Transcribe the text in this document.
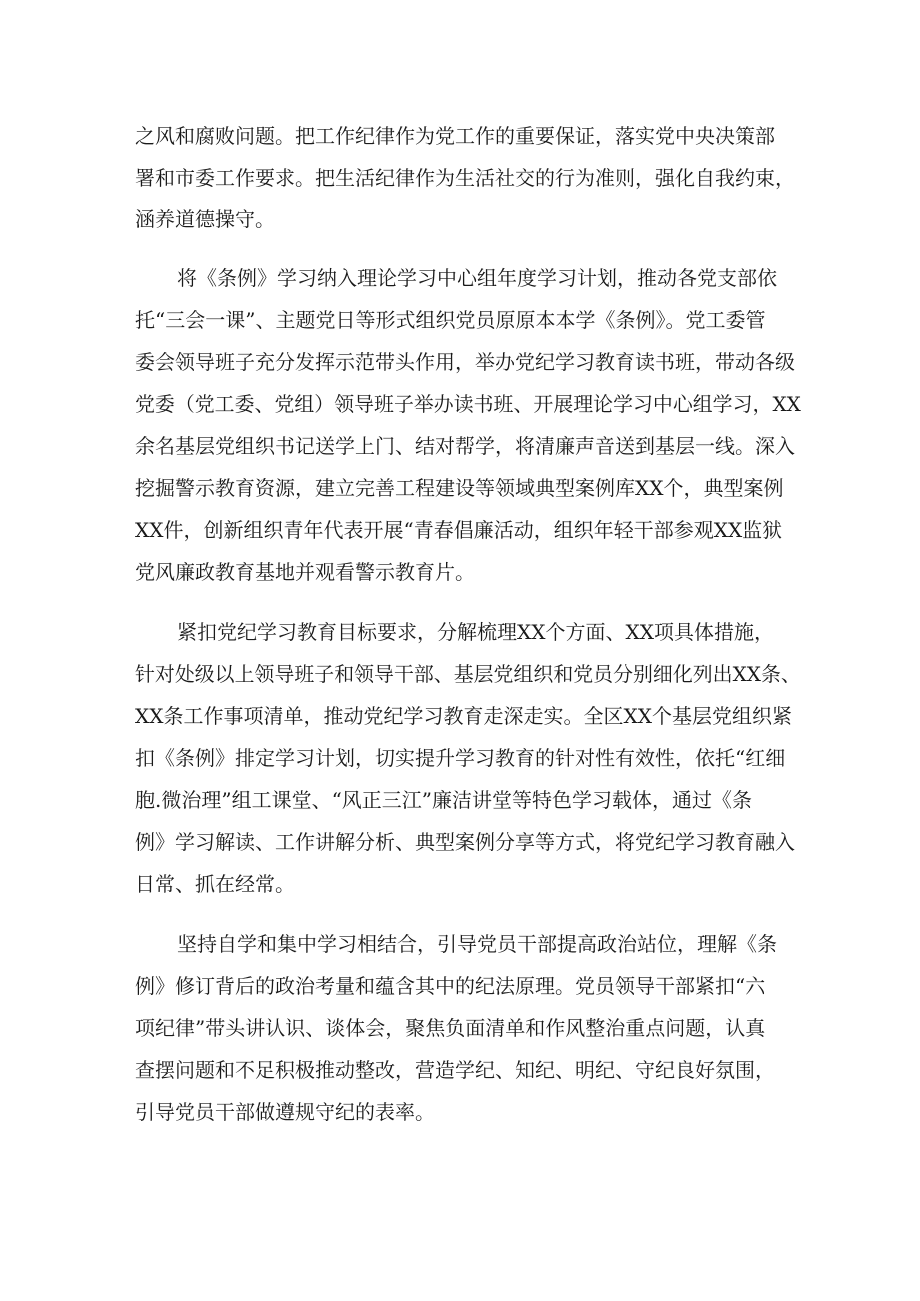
之风和腐败问题。把工作纪律作为党工作的重要保证，落实党中央决策部

署和市委工作要求。把生活纪律作为生活社交的行为准则，强化自我约束，

涵养道德操守。

将《条例》学习纳入理论学习中心组年度学习计划，推动各党支部依

托“三会一课”、主题党日等形式组织党员原原本本学《条例》。党工委管

委会领导班子充分发挥示范带头作用，举办党纪学习教育读书班，带动各级

党委（党工委、党组）领导班子举办读书班、开展理论学习中心组学习，XX

余名基层党组织书记送学上门、结对帮学，将清廉声音送到基层一线。深入

挖掘警示教育资源，建立完善工程建设等领域典型案例库XX个，典型案例

XX件，创新组织青年代表开展“青春倡廉活动，组织年轻干部参观XX监狱

党风廉政教育基地并观看警示教育片。

紧扣党纪学习教育目标要求，分解梳理XX个方面、XX项具体措施，

针对处级以上领导班子和领导干部、基层党组织和党员分别细化列出XX条、

XX条工作事项清单，推动党纪学习教育走深走实。全区XX个基层党组织紧

扣《条例》排定学习计划，切实提升学习教育的针对性有效性，依托“红细

胞.微治理”组工课堂、“风正三江”廉洁讲堂等特色学习载体，通过《条

例》学习解读、工作讲解分析、典型案例分享等方式，将党纪学习教育融入

日常、抓在经常。

坚持自学和集中学习相结合，引导党员干部提高政治站位，理解《条

例》修订背后的政治考量和蕴含其中的纪法原理。党员领导干部紧扣“六

项纪律”带头讲认识、谈体会，聚焦负面清单和作风整治重点问题，认真

查摆问题和不足积极推动整改，营造学纪、知纪、明纪、守纪良好氛围，

引导党员干部做遵规守纪的表率。
